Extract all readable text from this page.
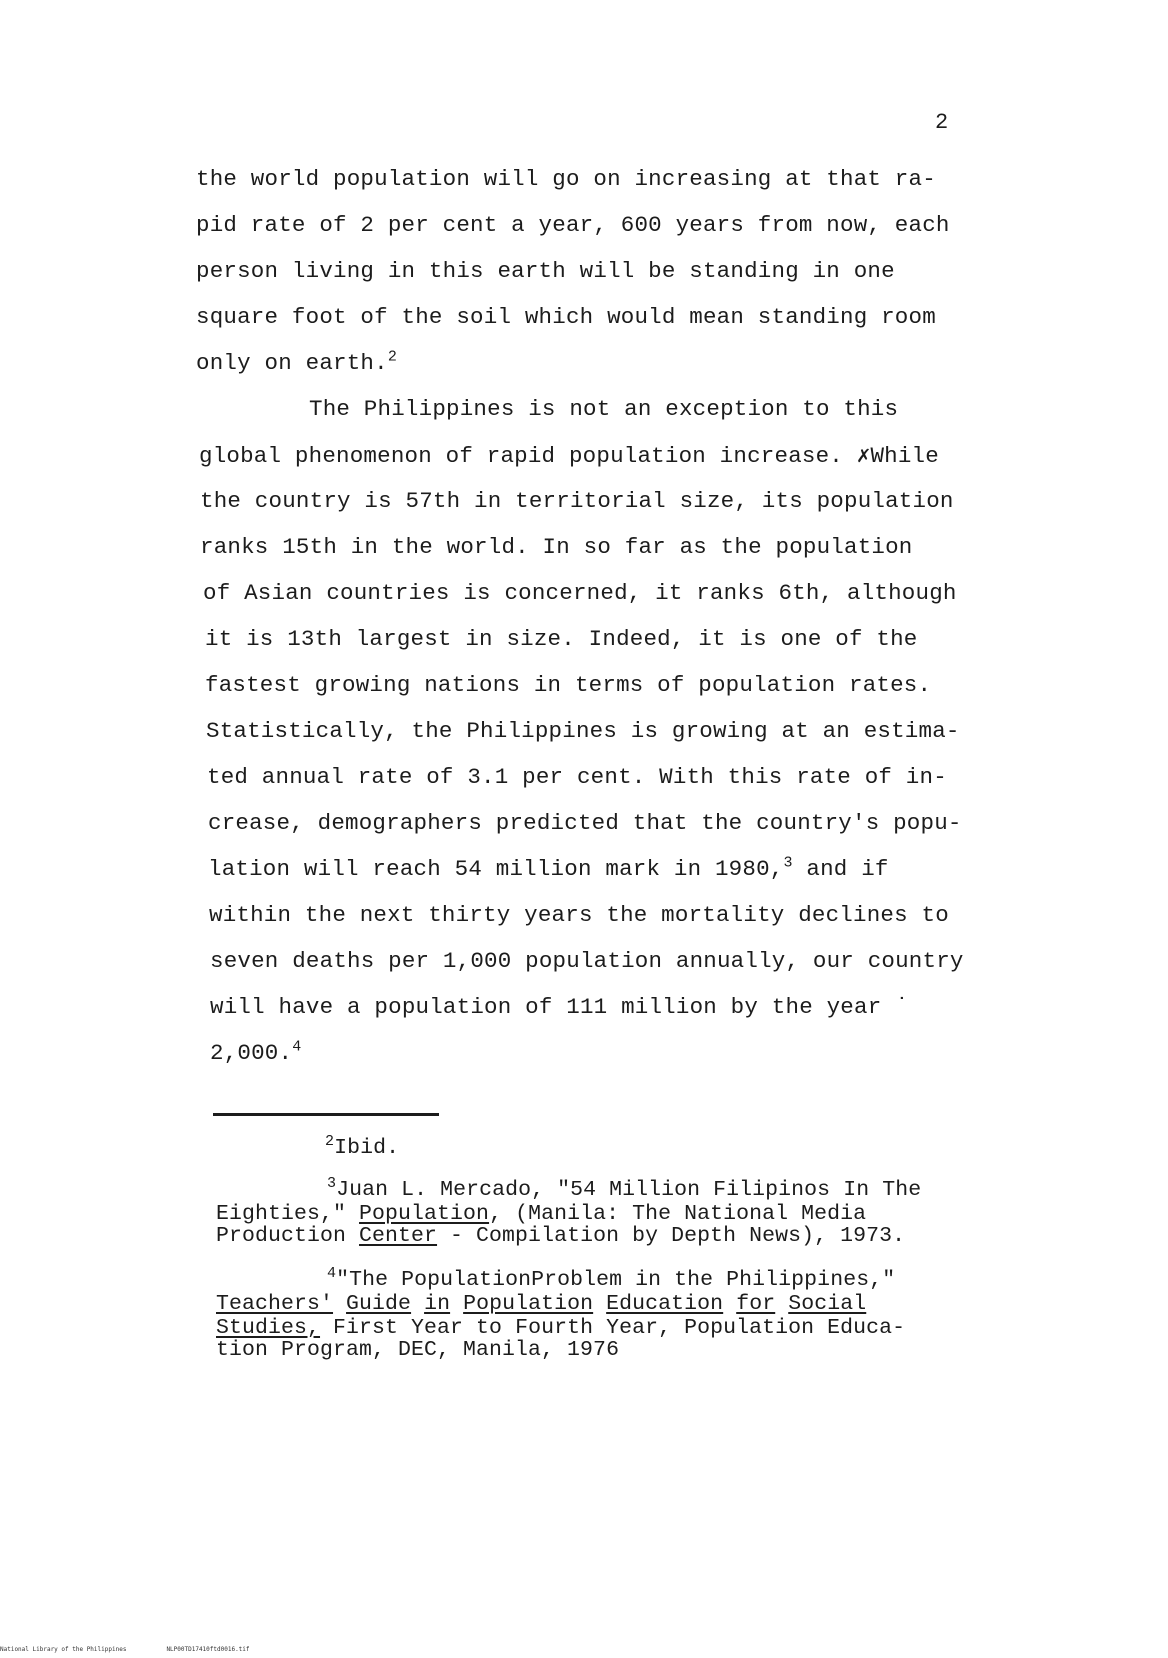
2
the world population will go on increasing at that ra-
pid rate of 2 per cent a year, 600 years from now, each
person living in this earth will be standing in one
square foot of the soil which would mean standing room
only on earth.$^2$
The Philippines is not an exception to this
global phenomenon of rapid population increase. ✗While
the country is 57th in territorial size, its population
ranks 15th in the world. In so far as the population
of Asian countries is concerned, it ranks 6th, although
it is 13th largest in size. Indeed, it is one of the
fastest growing nations in terms of population rates.
Statistically, the Philippines is growing at an estima-
ted annual rate of 3.1 per cent. With this rate of in-
crease, demographers predicted that the country's popu-
lation will reach 54 million mark in 1980,$^3$ and if
within the next thirty years the mortality declines to
seven deaths per 1,000 population annually, our country
will have a population of 111 million by the year ˙
2,000.$^4$
$^2$Ibid.
$^3$Juan L. Mercado, "54 Million Filipinos In The
Eighties," Population, (Manila: The National Media
Production Center - Compilation by Depth News), 1973.
$^4$"The PopulationProblem in the Philippines,"
Teachers' Guide in Population Education for Social
Studies, First Year to Fourth Year, Population Educa-
tion Program, DEC, Manila, 1976
National Library of the Philippines	NLP00TD17410ftd0016.tif
